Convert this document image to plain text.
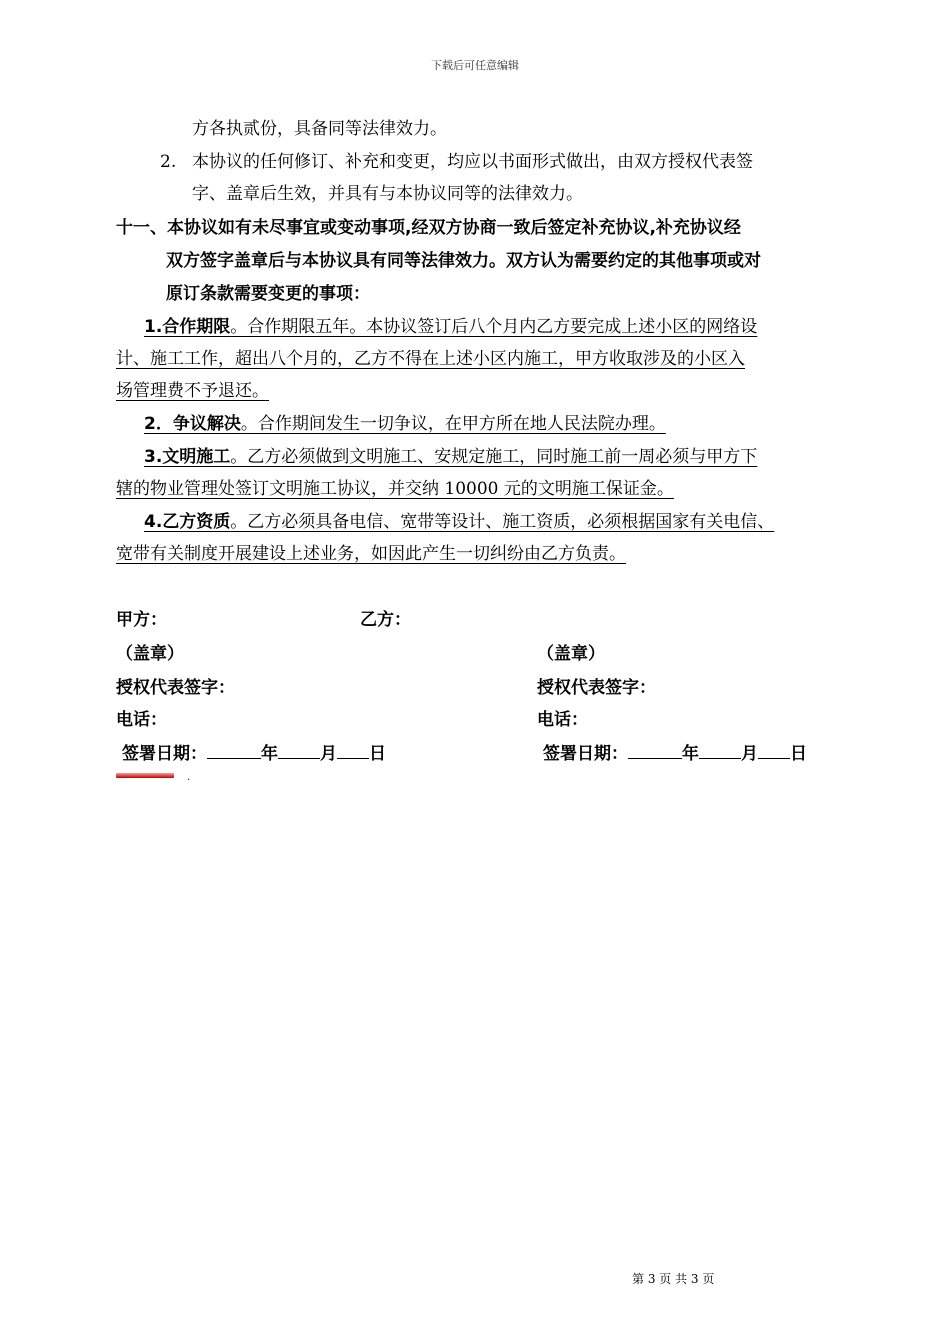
下载后可任意编辑
方各执贰份，具备同等法律效力。
2. 本协议的任何修订、补充和变更，均应以书面形式做出，由双方授权代表签
字、盖章后生效，并具有与本协议同等的法律效力。
十一、本协议如有未尽事宜或变动事项,经双方协商一致后签定补充协议,补充协议经
双方签字盖章后与本协议具有同等法律效力。双方认为需要约定的其他事项或对
原订条款需要变更的事项：
1.合作期限。合作期限五年。本协议签订后八个月内乙方要完成上述小区的网络设
计、施工工作，超出八个月的，乙方不得在上述小区内施工，甲方收取涉及的小区入
场管理费不予退还。
2．争议解决。合作期间发生一切争议，在甲方所在地人民法院办理。
3.文明施工。乙方必须做到文明施工、安规定施工，同时施工前一周必须与甲方下
辖的物业管理处签订文明施工协议，并交纳 10000 元的文明施工保证金。
4.乙方资质。乙方必须具备电信、宽带等设计、施工资质，必须根据国家有关电信、
宽带有关制度开展建设上述业务，如因此产生一切纠纷由乙方负责。
甲方：	乙方：
（盖章）	（盖章）
授权代表签字：	授权代表签字：
电话：	电话：
签署日期：	年 月 日	签署日期：	年 月 日
.
第 3 页 共 3 页
